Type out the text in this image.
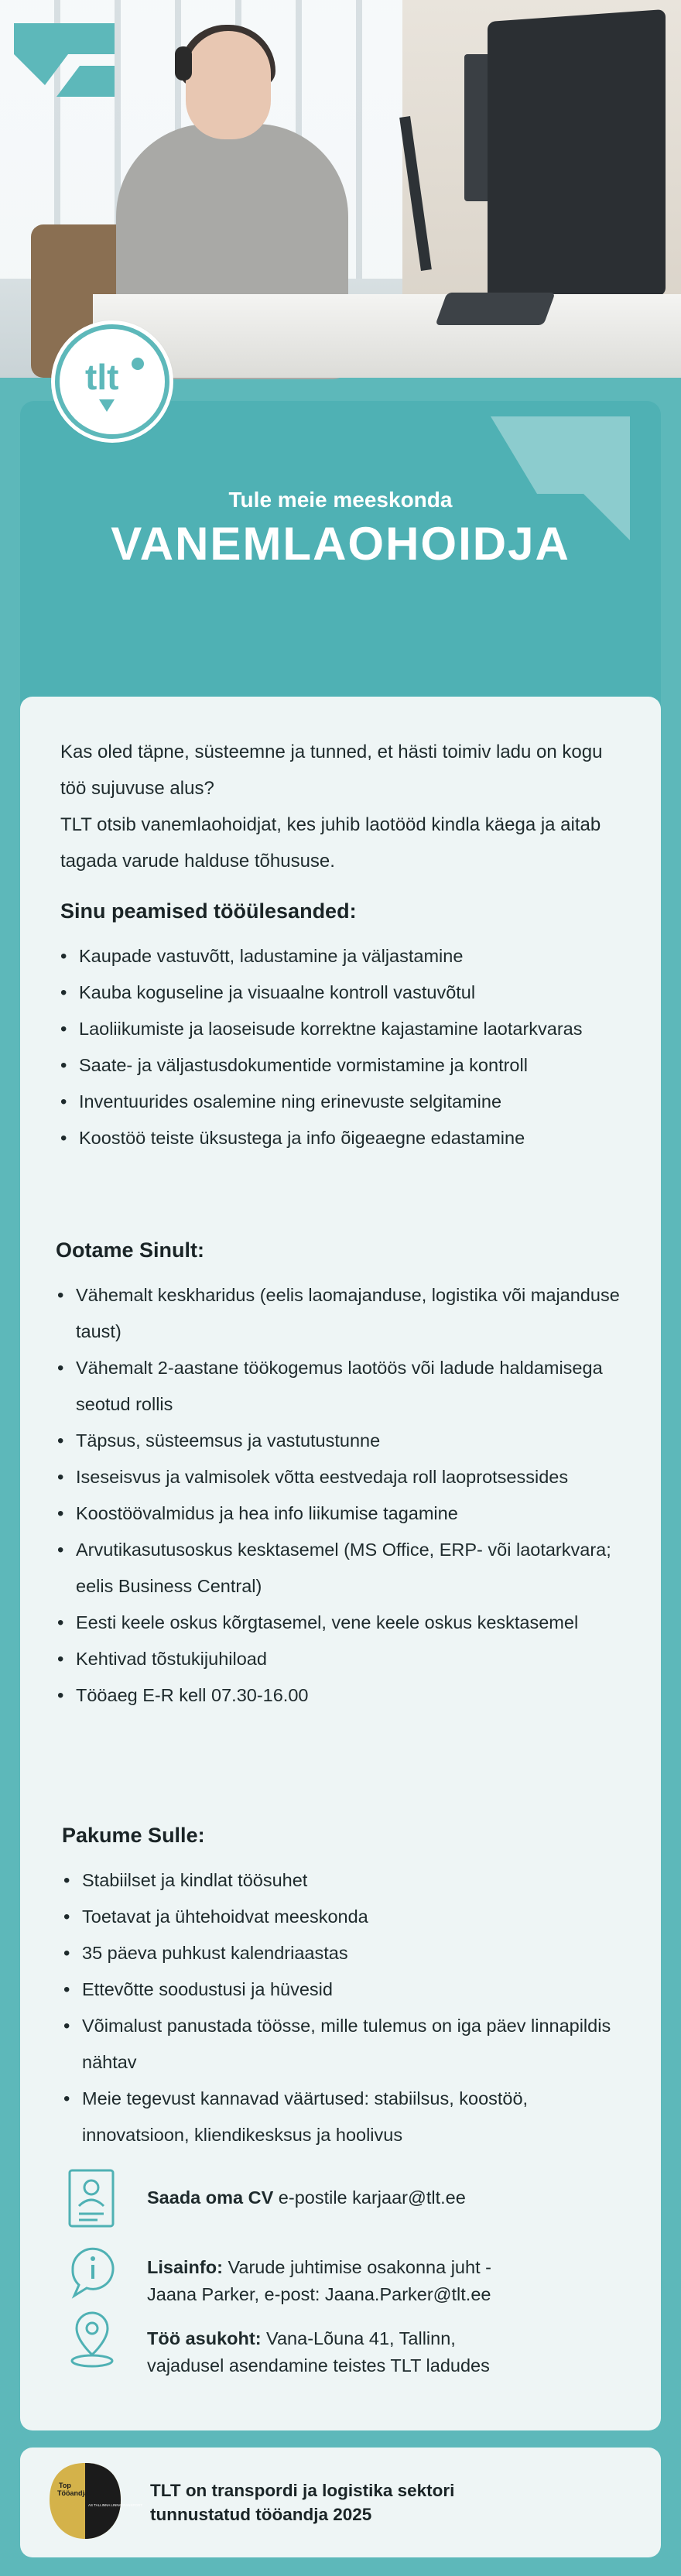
Tule meie meeskonda
VANEMLAOHOIDJA
tlt

Kas oled täpne, süsteemne ja tunned, et hästi toimiv ladu on kogu töö sujuvuse alus?

TLT otsib vanemlaohoidjat, kes juhib laotööd kindla käega ja aitab tagada varude halduse tõhususe.

Sinu peamised tööülesanded:
• Kaupade vastuvõtt, ladustamine ja väljastamine
• Kauba koguseline ja visuaalne kontroll vastuvõtul
• Laoliikumiste ja laoseisude korrektne kajastamine laotarkvaras
• Saate- ja väljastusdokumentide vormistamine ja kontroll
• Inventuurides osalemine ning erinevuste selgitamine
• Koostöö teiste üksustega ja info õigeaegne edastamine
Ootame Sinult:
• Vähemalt keskharidus (eelis laomajanduse, logistika või majanduse taust)
• Vähemalt 2-aastane töökogemus laotöös või ladude haldamisega seotud rollis
• Täpsus, süsteemsus ja vastutustunne
• Iseseisvus ja valmisolek võtta eestvedaja roll laoprotsessides
• Koostöövalmidus ja hea info liikumise tagamine
• Arvutikasutusoskus kesktasemel (MS Office, ERP- või laotarkvara; eelis Business Central)
• Eesti keele oskus kõrgtasemel, vene keele oskus kesktasemel
• Kehtivad tõstukijuhiload
• Tööaeg E-R kell 07.30-16.00
Pakume Sulle:
• Stabiilset ja kindlat töösuhet
• Toetavat ja ühtehoidvat meeskonda
• 35 päeva puhkust kalendriaastas
• Ettevõtte soodustusi ja hüvesid
• Võimalust panustada töösse, mille tulemus on iga päev linnapildis nähtav
• Meie tegevust kannavad väärtused: stabiilsus, koostöö, innovatsioon, kliendikesksus ja hoolivus
Saada oma CV e-postile karjaar@tlt.ee
Lisainfo: Varude juhtimise osakonna juht -
Jaana Parker, e-post: Jaana.Parker@tlt.ee
Töö asukoht: Vana-Lõuna 41, Tallinn,
vajadusel asendamine teistes TLT ladudes
Top
Tööandja
AS TALLINNA LINNATRANSPORT
TLT on transpordi ja logistika sektori
tunnustatud tööandja 2025
